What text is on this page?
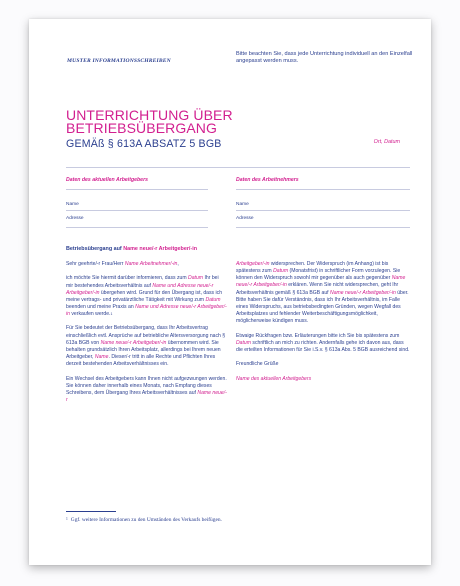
MUSTER INFORMATIONSSCHREIBEN
Bitte beachten Sie, dass jede Unterrichtung individuell an den Einzelfall angepasst werden muss.
UNTERRICHTUNG ÜBER
BETRIEBSÜBERGANG
GEMÄß § 613A ABSATZ 5 BGB	Ort, Datum
Daten des aktuellen Arbeitgebers
Name
Adresse
Daten des Arbeitnehmers
Name
Adresse
Betriebsübergang auf Name neue/-r Arbeitgeber/-in

Sehr geehrte/-r Frau/Herr Name Arbeitnehmer/-in,

ich möchte Sie hiermit darüber informieren, dass zum Datum Ihr bei mir bestehendes Arbeitsverhältnis auf Name und Adresse neue/-r Arbeitgeber/-in übergehen wird. Grund für den Übergang ist, dass ich meine vertrags- und privatärztliche Tätigkeit mit Wirkung zum Datum beenden und meine Praxis an Name und Adresse neue/-r Arbeitgeber/-in verkaufen werde.$^1$

Für Sie bedeutet der Betriebsübergang, dass Ihr Arbeitsvertrag einschließlich evtl. Ansprüche auf betriebliche Altersversorgung nach § 613a BGB von Name neue/-r Arbeitgeber/-in übernommen wird. Sie behalten grundsätzlich Ihren Arbeitsplatz, allerdings bei Ihrem neuen Arbeitgeber, Name. Dieser/-r tritt in alle Rechte und Pflichten Ihres derzeit bestehenden Arbeitsverhältnisses ein.

Ein Wechsel des Arbeitgebers kann Ihnen nicht aufgezwungen werden. Sie können daher innerhalb eines Monats, nach Empfang dieses Schreibens, dem Übergang Ihres Arbeitsverhältnisses auf Name neue/-r

Arbeitgeber/-in widersprechen. Der Widerspruch (im Anhang) ist bis spätestens zum Datum (Monatsfrist) in schriftlicher Form vorzulegen. Sie können den Widerspruch sowohl mir gegenüber als auch gegenüber Name neue/-r Arbeitgeber/-in erklären. Wenn Sie nicht widersprechen, geht Ihr Arbeitsverhältnis gemäß § 613a BGB auf Name neue/-r Arbeitgeber/-in über. Bitte haben Sie dafür Verständnis, dass ich Ihr Arbeitsverhältnis, im Falle eines Widerspruchs, aus betriebsbedingten Gründen, wegen Wegfall des Arbeitsplatzes und fehlender Weiterbeschäftigungsmöglichkeit, möglicherweise kündigen muss.

Etwaige Rückfragen bzw. Erläuterungen bitte ich Sie bis spätestens zum Datum schriftlich an mich zu richten. Andernfalls gehe ich davon aus, dass die erteilten Informationen für Sie i.S.v. § 613a Abs. 5 BGB ausreichend sind.

Freundliche Grüße

Name des aktuellen Arbeitgebers

$^1$ Ggf. weitere Informationen zu den Umständen des Verkaufs beifügen.
